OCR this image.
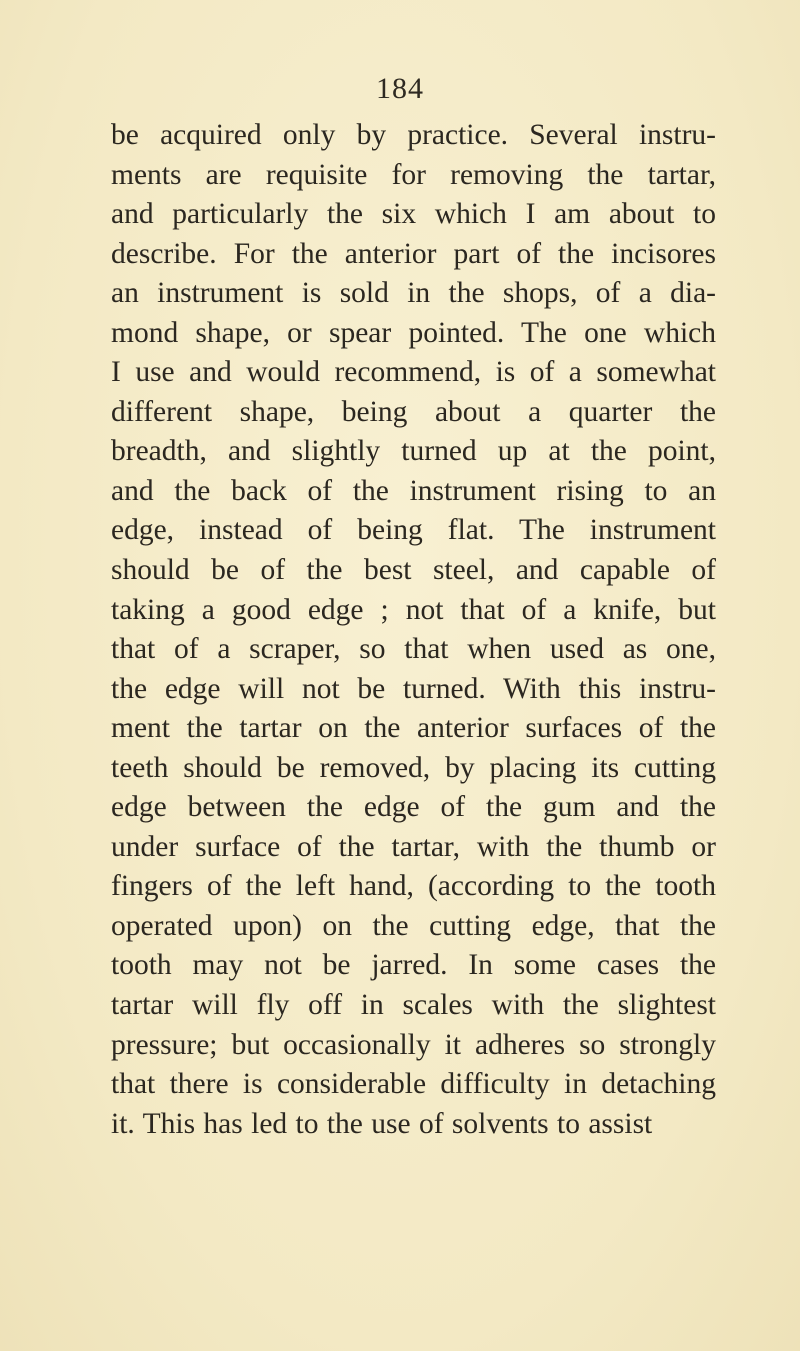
184
be acquired only by practice. Several instru-
ments are requisite for removing the tartar,
and particularly the six which I am about to
describe. For the anterior part of the incisores
an instrument is sold in the shops, of a dia-
mond shape, or spear pointed. The one which
I use and would recommend, is of a somewhat
different shape, being about a quarter the
breadth, and slightly turned up at the point,
and the back of the instrument rising to an
edge, instead of being flat. The instrument
should be of the best steel, and capable of
taking a good edge ; not that of a knife, but
that of a scraper, so that when used as one,
the edge will not be turned. With this instru-
ment the tartar on the anterior surfaces of the
teeth should be removed, by placing its cutting
edge between the edge of the gum and the
under surface of the tartar, with the thumb or
fingers of the left hand, (according to the tooth
operated upon) on the cutting edge, that the
tooth may not be jarred. In some cases the
tartar will fly off in scales with the slightest
pressure; but occasionally it adheres so strongly
that there is considerable difficulty in detaching
it. This has led to the use of solvents to assist
